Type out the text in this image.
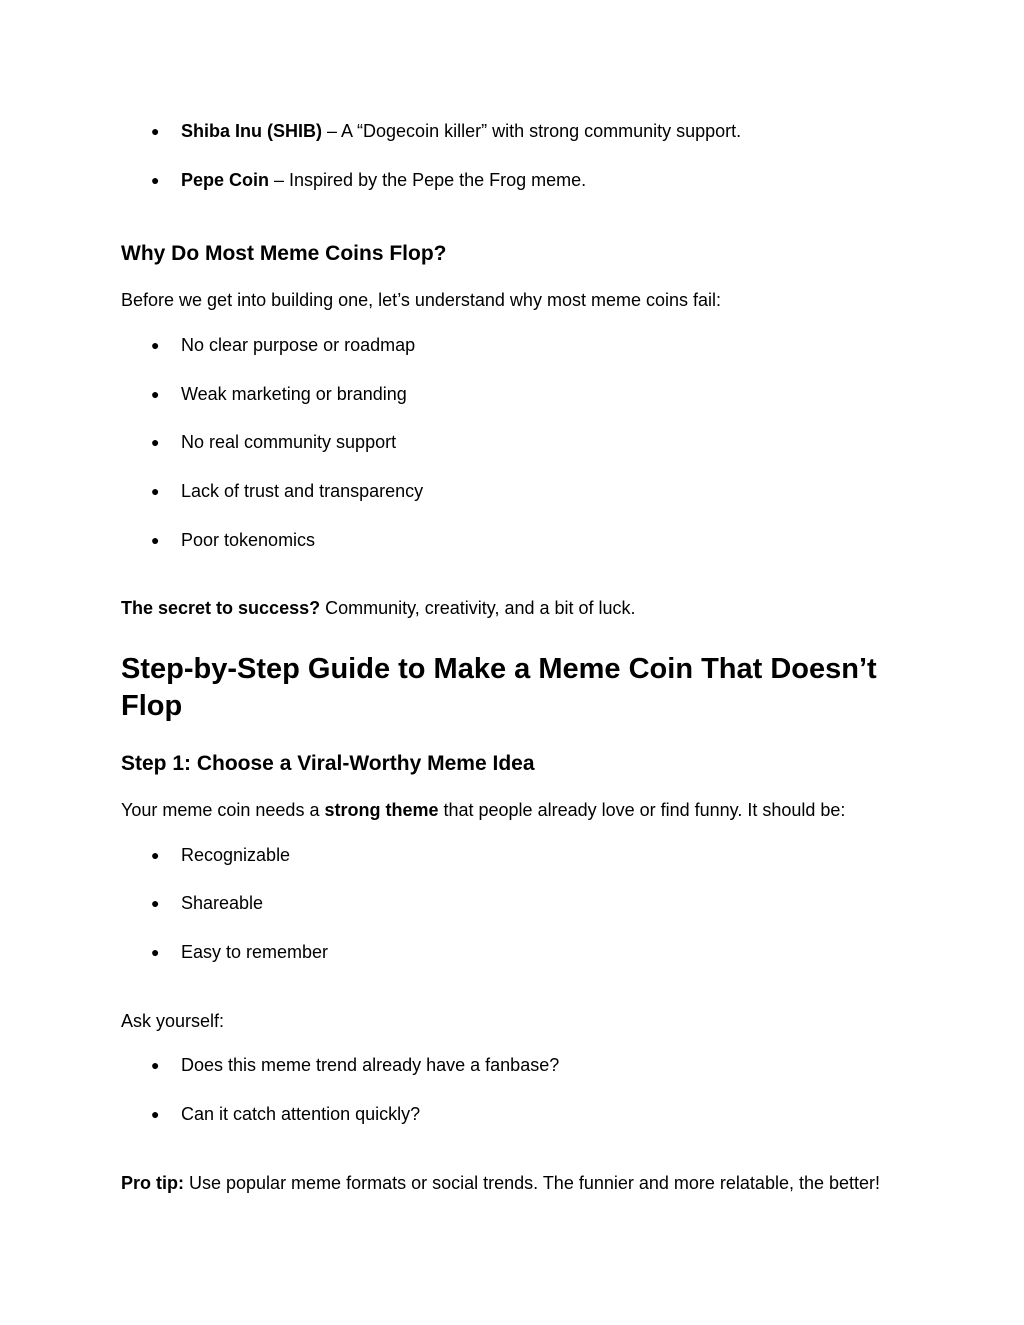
● Shiba Inu (SHIB) – A “Dogecoin killer” with strong community support.
● Pepe Coin – Inspired by the Pepe the Frog meme.
Why Do Most Meme Coins Flop?
Before we get into building one, let’s understand why most meme coins fail:
● No clear purpose or roadmap
● Weak marketing or branding
● No real community support
● Lack of trust and transparency
● Poor tokenomics
The secret to success? Community, creativity, and a bit of luck.
Step-by-Step Guide to Make a Meme Coin That Doesn’t
Flop
Step 1: Choose a Viral-Worthy Meme Idea
Your meme coin needs a strong theme that people already love or find funny. It should be:
● Recognizable
● Shareable
● Easy to remember
Ask yourself:
● Does this meme trend already have a fanbase?
● Can it catch attention quickly?
Pro tip: Use popular meme formats or social trends. The funnier and more relatable, the better!
